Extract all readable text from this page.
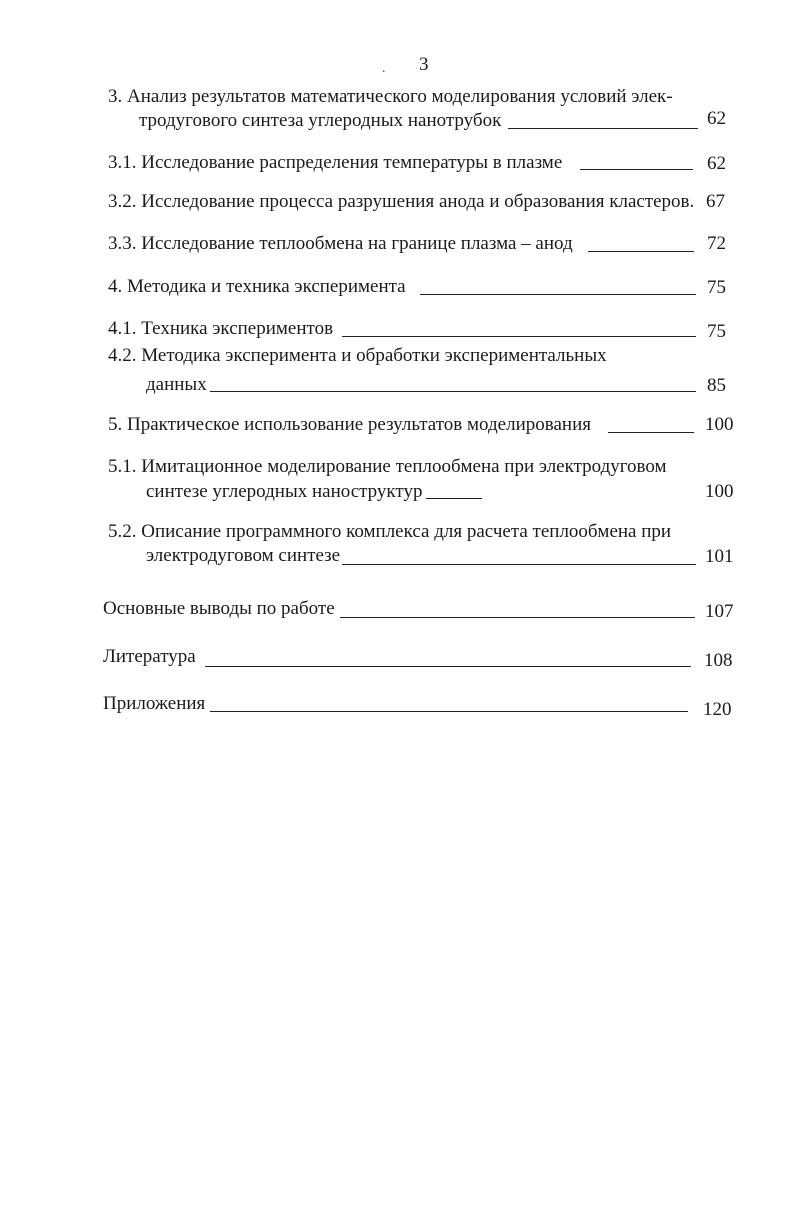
3
.
3. Анализ результатов математического моделирования условий элек-
тродугового синтеза углеродных нанотрубок	62
3.1. Исследование распределения температуры в плазме	62
3.2. Исследование процесса разрушения анода и образования кластеров. 67
3.3. Исследование теплообмена на границе плазма – анод	72
4. Методика и техника эксперимента	75
4.1. Техника экспериментов	75
4.2. Методика эксперимента и обработки экспериментальных
данных	85
5. Практическое использование результатов моделирования	100
5.1. Имитационное моделирование теплообмена при электродуговом
синтезе углеродных наноструктур	100
5.2. Описание программного комплекса для расчета теплообмена при
электродуговом синтезе	101
Основные выводы по работе	107
Литература	108
Приложения	120
